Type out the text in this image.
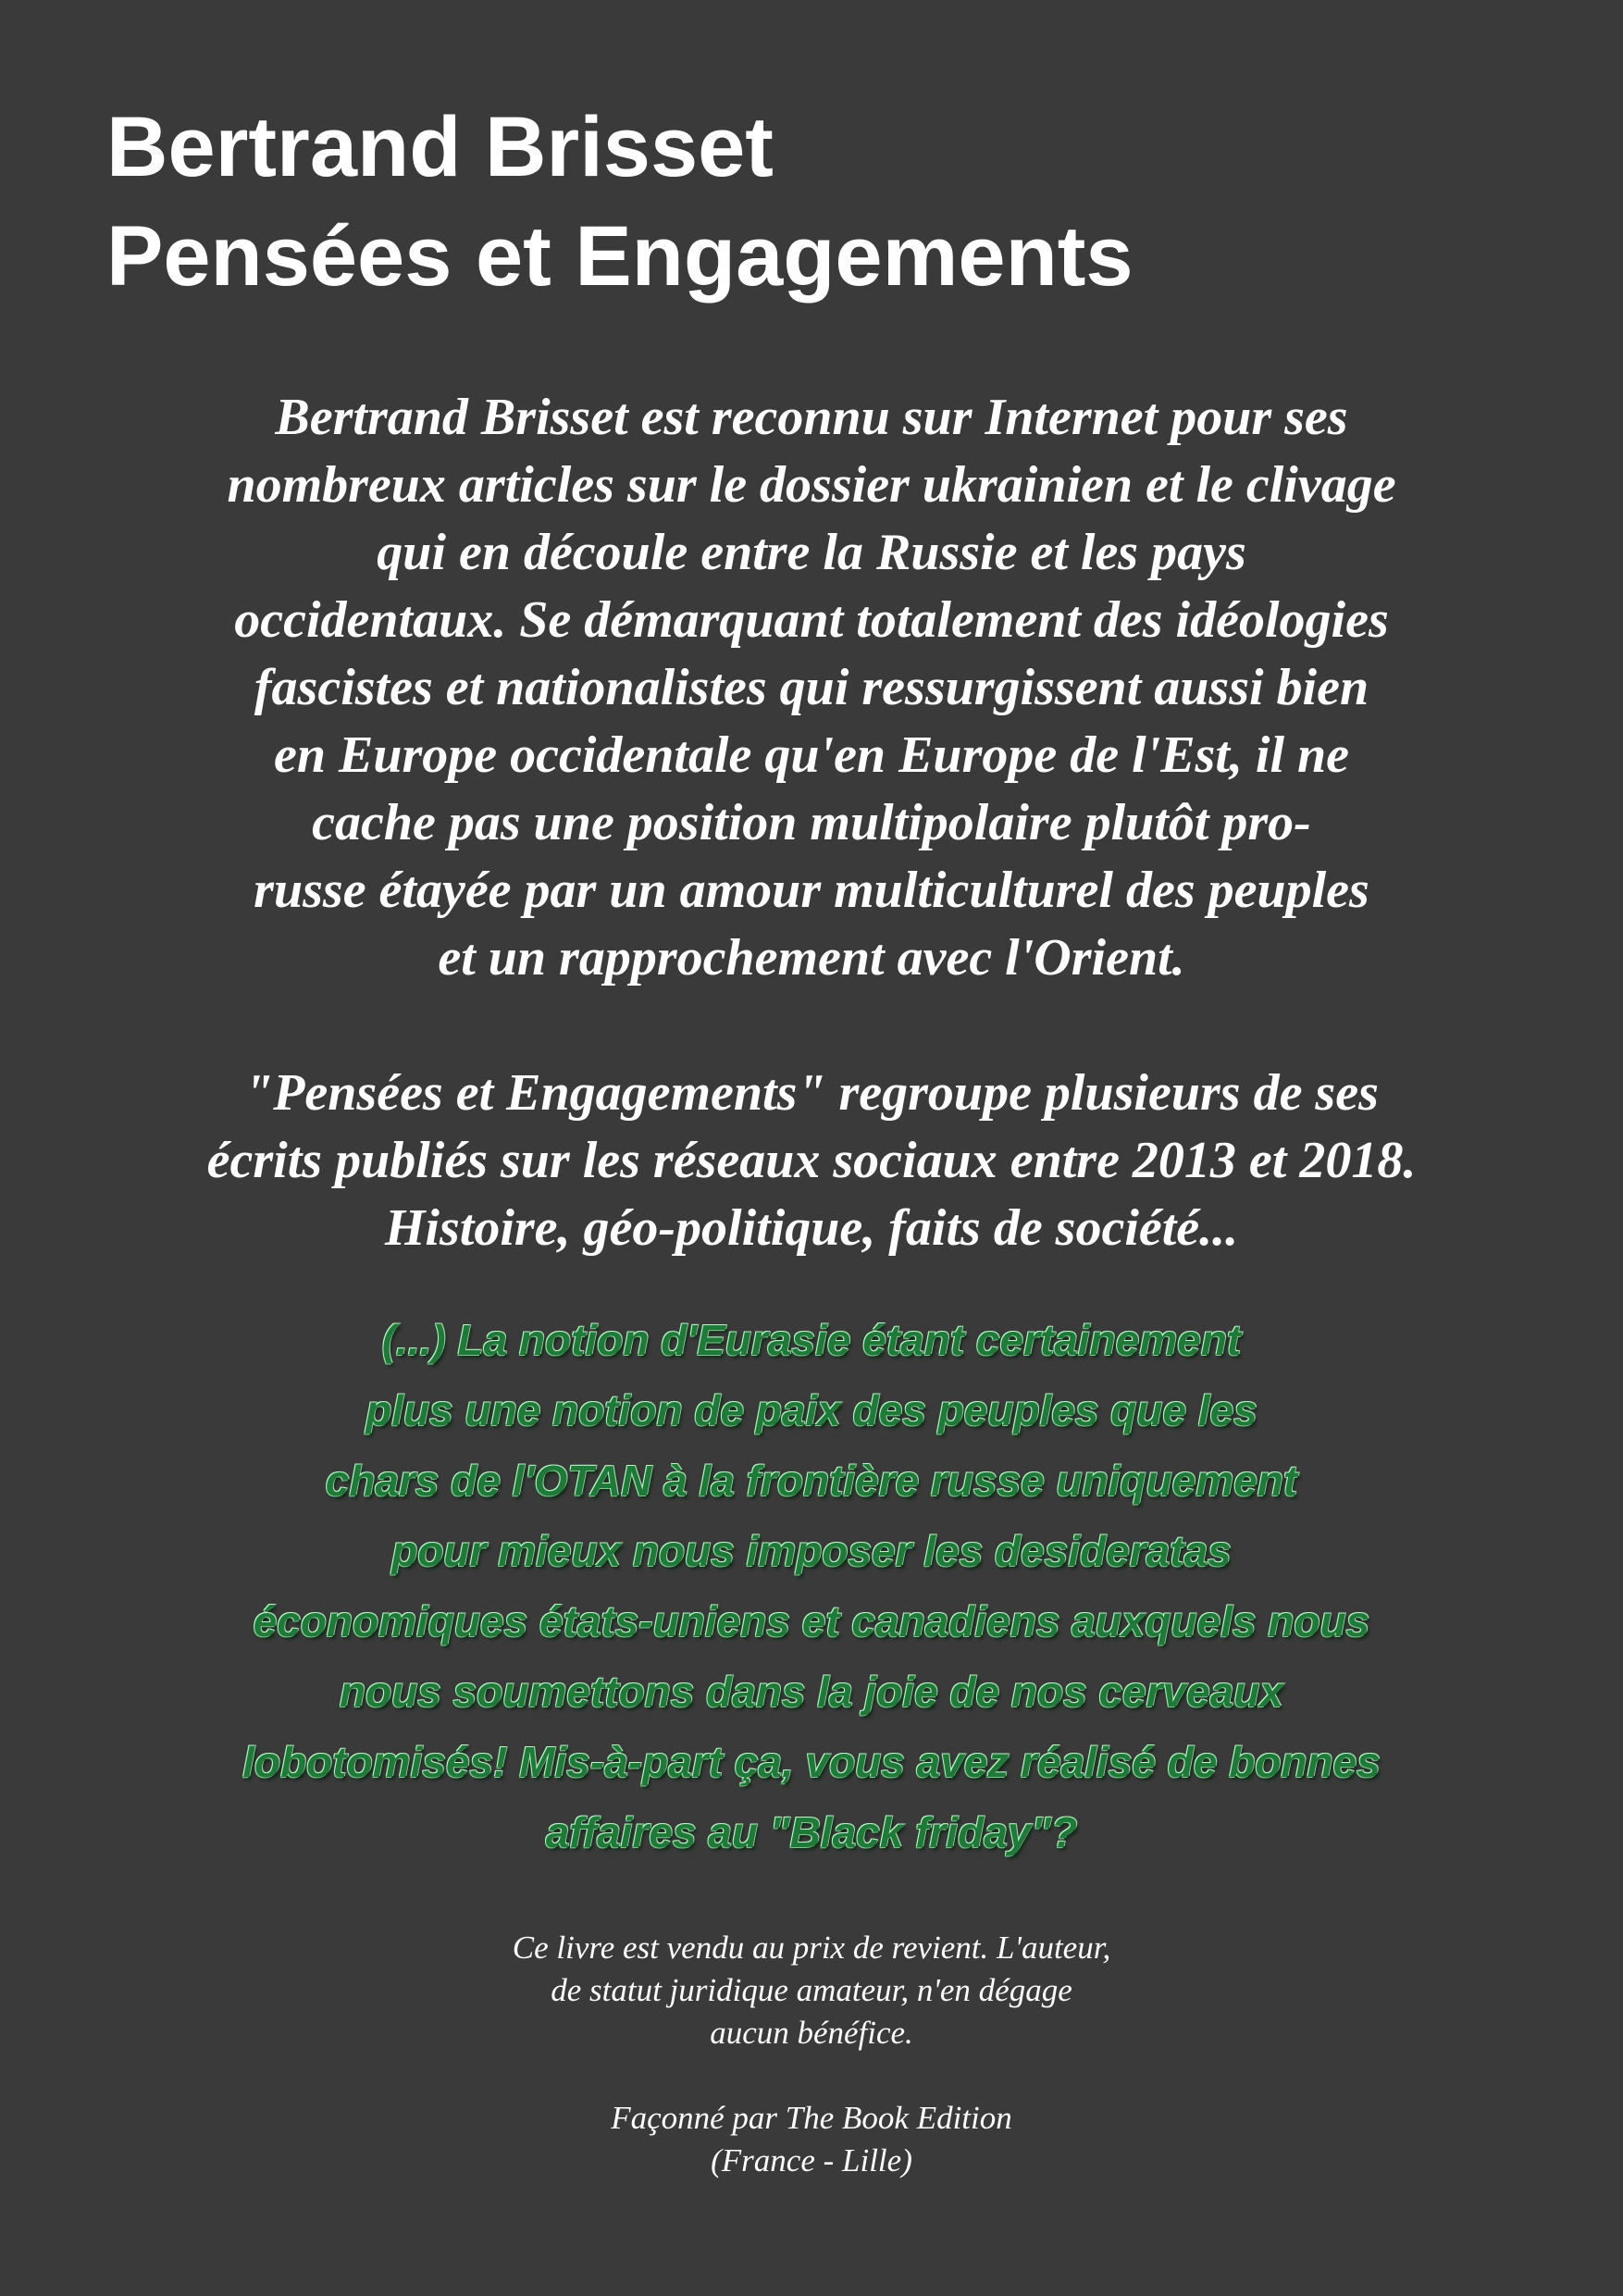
Bertrand Brisset
Pensées et Engagements
Bertrand Brisset est reconnu sur Internet pour ses
nombreux articles sur le dossier ukrainien et le clivage
qui en découle entre la Russie et les pays
occidentaux. Se démarquant totalement des idéologies
fascistes et nationalistes qui ressurgissent aussi bien
en Europe occidentale qu'en Europe de l'Est, il ne
cache pas une position multipolaire plutôt pro-
russe étayée par un amour multiculturel des peuples
et un rapprochement avec l'Orient.
"Pensées et Engagements" regroupe plusieurs de ses
écrits publiés sur les réseaux sociaux entre 2013 et 2018.
Histoire, géo-politique, faits de société...
(...) La notion d'Eurasie étant certainement
plus une notion de paix des peuples que les
chars de l'OTAN à la frontière russe uniquement
pour mieux nous imposer les desideratas
économiques états-uniens et canadiens auxquels nous
nous soumettons dans la joie de nos cerveaux
lobotomisés! Mis-à-part ça, vous avez réalisé de bonnes
affaires au "Black friday"?
Ce livre est vendu au prix de revient. L'auteur,
de statut juridique amateur, n'en dégage
aucun bénéfice.
Façonné par The Book Edition
(France - Lille)
